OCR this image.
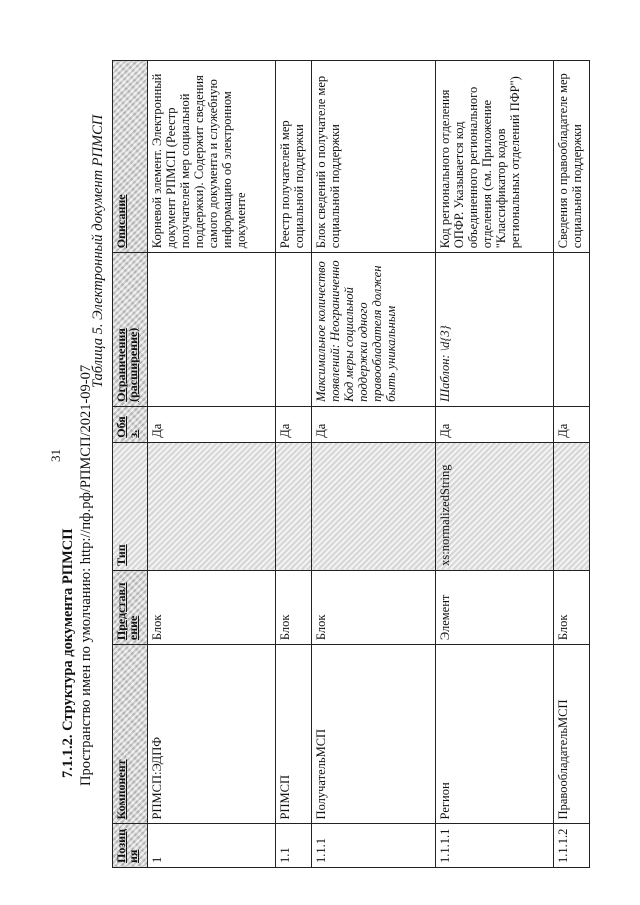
31
7.1.1.2. Структура документа РПМСП Пространство имен по умолчанию: http://пф.рф/РПМСП/2021-09-07
Таблица 5. Электронный документ РПМСП
Позиц ия	Компонент	Представл ение	Тип	Обя з.	Ограничения (расширение)	Описание
1	РПМСП:ЭДПФ	Блок		Да		Корневой элемент. Электронный документ РПМСП (Реестр получателей мер социальной поддержки). Содержит сведения самого документа и служебную информацию об электронном документе
1.1	РПМСП	Блок		Да		Реестр получателей мер социальной поддержки
1.1.1	ПолучательМСП	Блок		Да	Максимальное количество появлений: Неограниченно Код меры социальной поддержки одного правообладателя должен быть уникальным	Блок сведений о получателе мер социальной поддержки
1.1.1.1	Регион	Элемент	xs:normalizedString	Да	Шаблон: \d{3}	Код регионального отделения ОПФР. Указывается код объединенного регионального отделения (см. Приложение "Классификатор кодов региональных отделений ПФР")
1.1.1.2	ПравообладательМСП	Блок		Да		Сведения о правообладателе мер социальной поддержки
